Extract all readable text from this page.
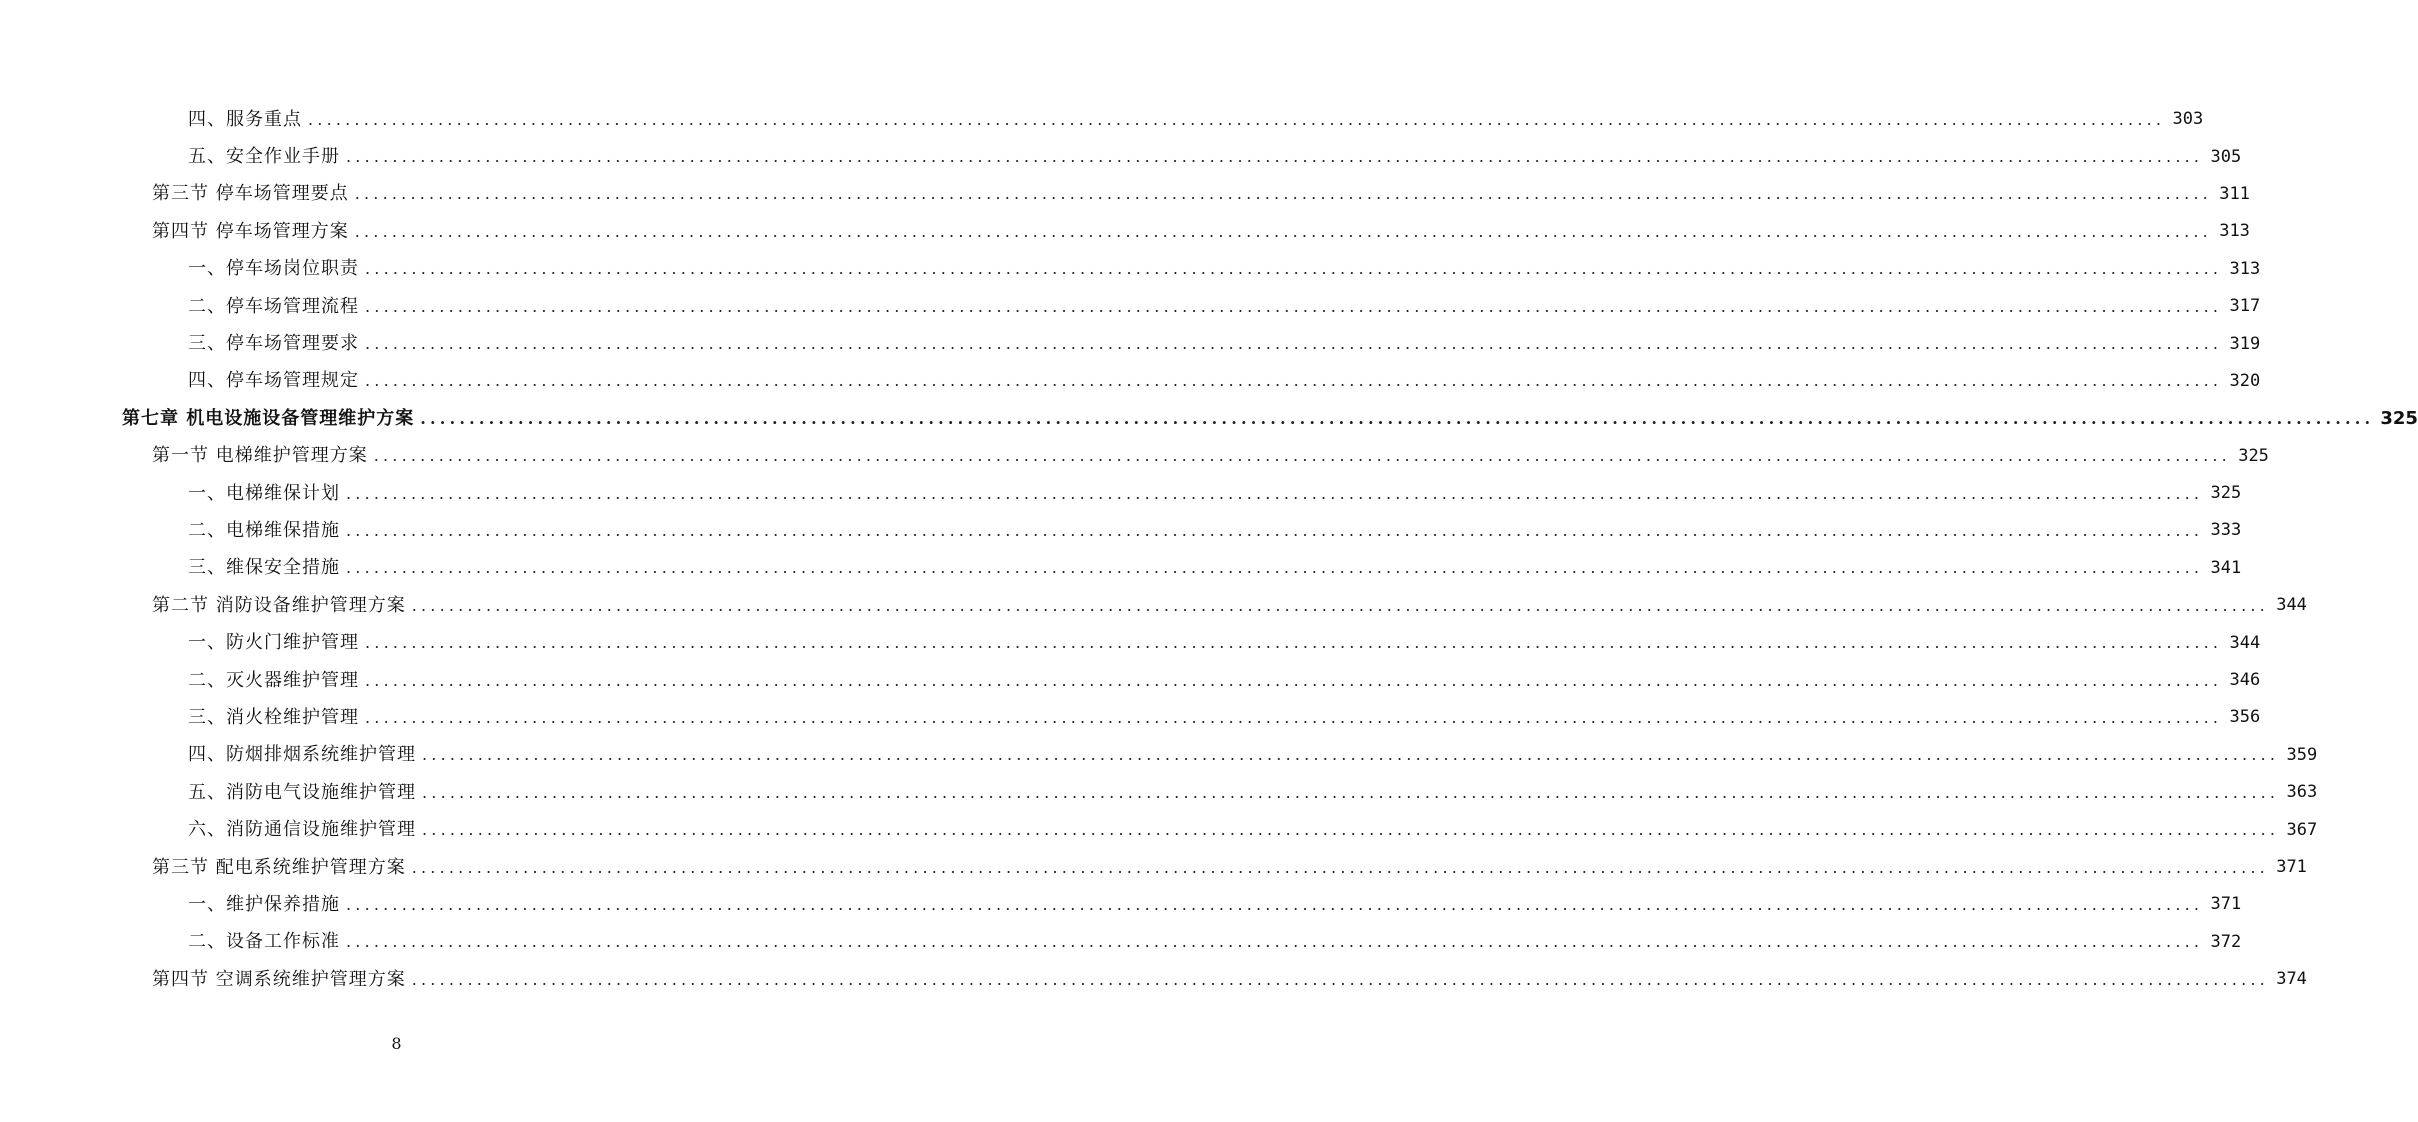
四、服务重点 ........................................................................................................................................................................................................ 303
五、安全作业手册 ........................................................................................................................................................................................................ 305
第三节 停车场管理要点 ........................................................................................................................................................................................................ 311
第四节 停车场管理方案 ........................................................................................................................................................................................................ 313
一、停车场岗位职责 ........................................................................................................................................................................................................ 313
二、停车场管理流程 ........................................................................................................................................................................................................ 317
三、停车场管理要求 ........................................................................................................................................................................................................ 319
四、停车场管理规定 ........................................................................................................................................................................................................ 320
第七章 机电设施设备管理维护方案 ........................................................................................................................................................................................................ 325
第一节 电梯维护管理方案 ........................................................................................................................................................................................................ 325
一、电梯维保计划 ........................................................................................................................................................................................................ 325
二、电梯维保措施 ........................................................................................................................................................................................................ 333
三、维保安全措施 ........................................................................................................................................................................................................ 341
第二节 消防设备维护管理方案 ........................................................................................................................................................................................................ 344
一、防火门维护管理 ........................................................................................................................................................................................................ 344
二、灭火器维护管理 ........................................................................................................................................................................................................ 346
三、消火栓维护管理 ........................................................................................................................................................................................................ 356
四、防烟排烟系统维护管理 ........................................................................................................................................................................................................ 359
五、消防电气设施维护管理 ........................................................................................................................................................................................................ 363
六、消防通信设施维护管理 ........................................................................................................................................................................................................ 367
第三节 配电系统维护管理方案 ........................................................................................................................................................................................................ 371
一、维护保养措施 ........................................................................................................................................................................................................ 371
二、设备工作标准 ........................................................................................................................................................................................................ 372
第四节 空调系统维护管理方案 ........................................................................................................................................................................................................ 374
8
